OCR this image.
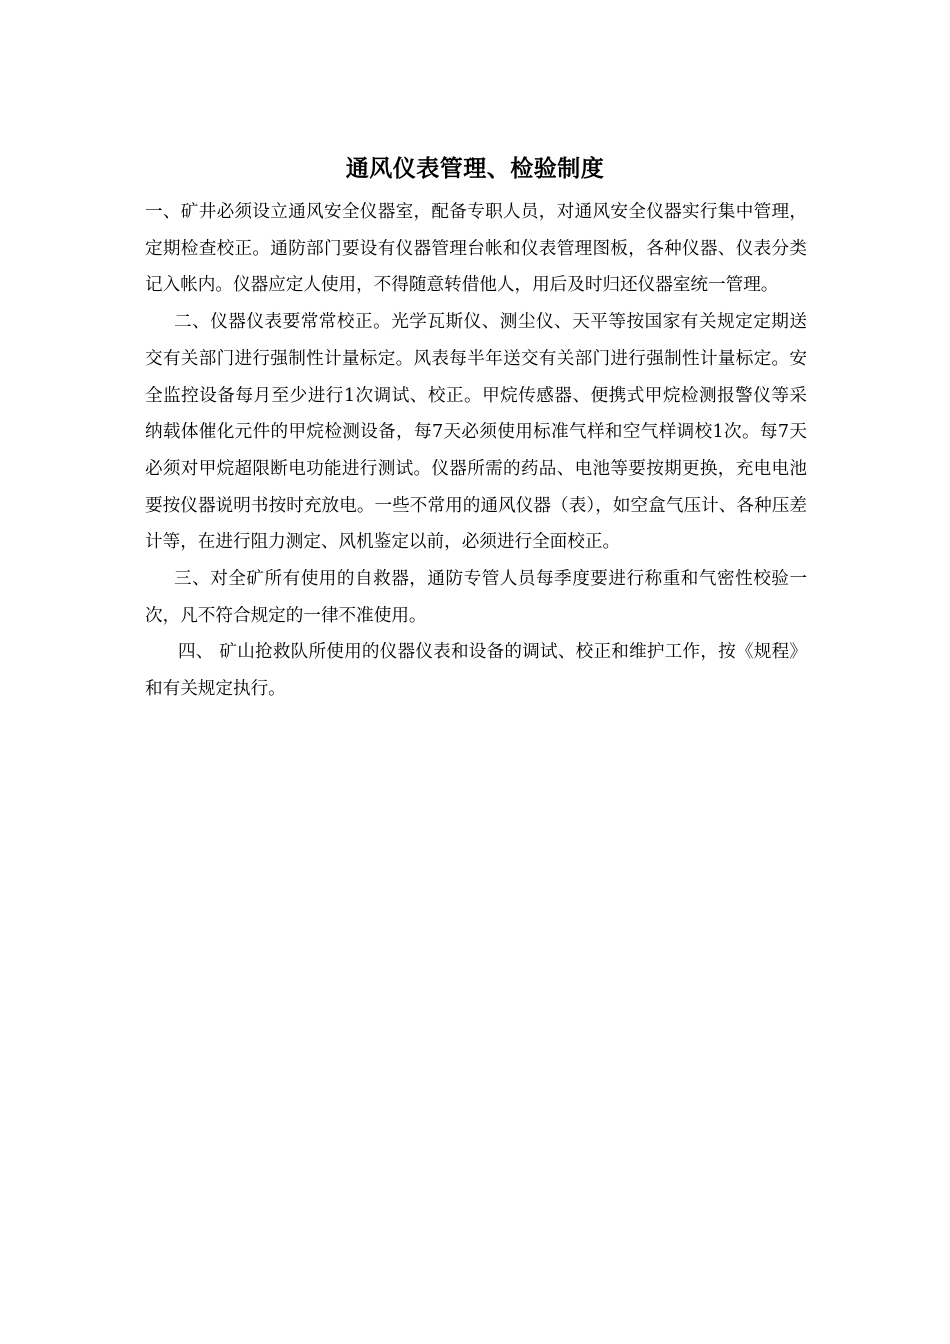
通风仪表管理、检验制度

一、矿井必须设立通风安全仪器室，配备专职人员，对通风安全仪器实行集中管理，定期检查校正。通防部门要设有仪器管理台帐和仪表管理图板，各种仪器、仪表分类记入帐内。仪器应定人使用，不得随意转借他人，用后及时归还仪器室统一管理。

二、仪器仪表要常常校正。光学瓦斯仪、测尘仪、天平等按国家有关规定定期送交有关部门进行强制性计量标定。风表每半年送交有关部门进行强制性计量标定。安全监控设备每月至少进行1次调试、校正。甲烷传感器、便携式甲烷检测报警仪等采纳载体催化元件的甲烷检测设备，每7天必须使用标准气样和空气样调校1次。每7天必须对甲烷超限断电功能进行测试。仪器所需的药品、电池等要按期更换，充电电池要按仪器说明书按时充放电。一些不常用的通风仪器（表），如空盒气压计、各种压差计等，在进行阻力测定、风机鉴定以前，必须进行全面校正。

三、对全矿所有使用的自救器，通防专管人员每季度要进行称重和气密性校验一次，凡不符合规定的一律不准使用。

四、 矿山抢救队所使用的仪器仪表和设备的调试、校正和维护工作，按《规程》和有关规定执行。
